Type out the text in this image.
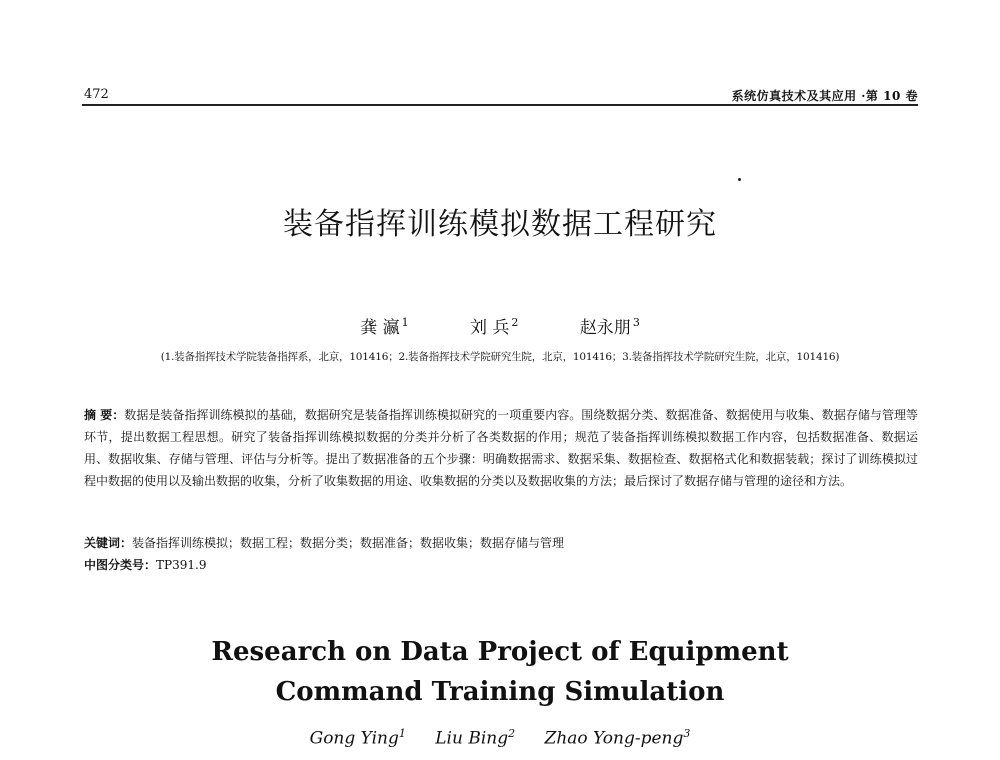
472	系统仿真技术及其应用 ·第 10 卷
装备指挥训练模拟数据工程研究
龚 瀛 $^1$	刘 兵 $^2$	赵永朋 $^3$
(1.装备指挥技术学院装备指挥系，北京，101416；2.装备指挥技术学院研究生院，北京，101416；3.装备指挥技术学院研究生院，北京，101416)
摘 要：数据是装备指挥训练模拟的基础，数据研究是装备指挥训练模拟研究的一项重要内容。围绕数据分类、数据准备、数据使用与收集、数据存储与管理等环节，提出数据工程思想。研究了装备指挥训练模拟数据的分类并分析了各类数据的作用；规范了装备指挥训练模拟数据工作内容，包括数据准备、数据运用、数据收集、存储与管理、评估与分析等。提出了数据准备的五个步骤：明确数据需求、数据采集、数据检查、数据格式化和数据装载；探讨了训练模拟过程中数据的使用以及输出数据的收集，分析了收集数据的用途、收集数据的分类以及数据收集的方法；最后探讨了数据存储与管理的途径和方法。
关键词：装备指挥训练模拟；数据工程；数据分类；数据准备；数据收集；数据存储与管理
中图分类号：TP391.9
Research on Data Project of Equipment
Command Training Simulation
Gong Ying$^1$ Liu Bing$^2$ Zhao Yong-peng$^3$
